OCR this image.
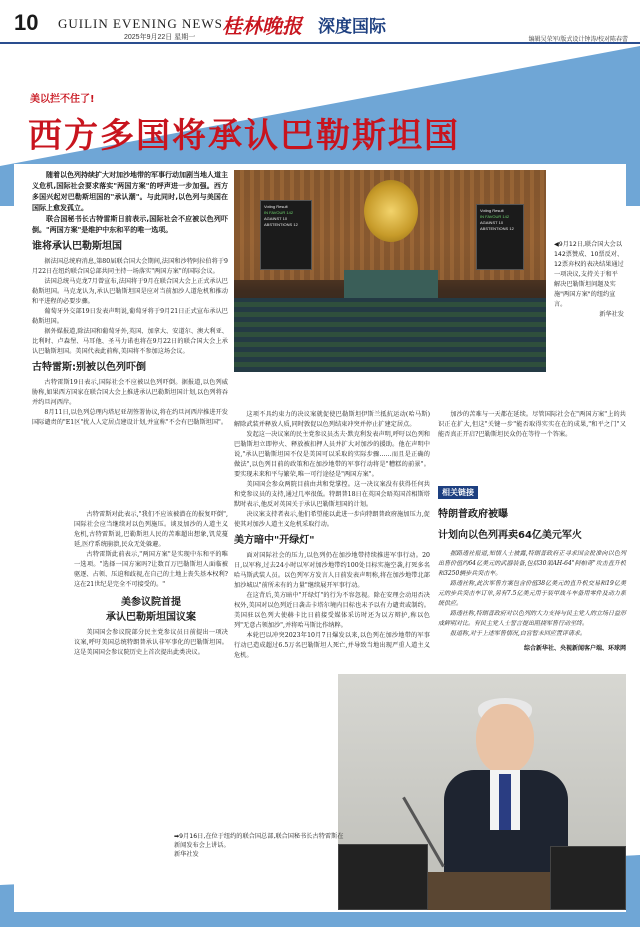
10 GUILIN EVENING NEWS
2025年9月22日 星期一 桂林晚报 深度国际
编辑吴荣军/版式设计钟涛/校对陈春蕾
美以拦不住了!
西方多国将承认巴勒斯坦国

随着以色列持续扩大对加沙地带的军事行动加剧当地人道主义危机,国际社会要求落实"两国方案"的呼声进一步加强。西方多国兴起对巴勒斯坦国的"承认潮"。与此同时,以色列与美国在国际上愈发孤立。

联合国秘书长古特雷斯日前表示,国际社会不应被以色列吓倒。"两国方案"是维护中东和平的唯一选项。

谁将承认巴勒斯坦国

据法国总统府消息,第80届联合国大会期间,法国和沙特阿拉伯将于9月22日在纽约联合国总部共同主持一场落实"两国方案"的国际会议。

法国总统马克龙7月曾宣布,法国将于9月在联合国大会上正式承认巴勒斯坦国。马克龙认为,承认巴勒斯坦国是应对当前加沙人道危机和推动和平进程的必要步骤。

葡萄牙外交部19日发表声明说,葡萄牙将于9月21日正式宣布承认巴勒斯坦国。

据外媒报道,除法国和葡萄牙外,英国、加拿大、安道尔、澳大利亚、比利时、卢森堡、马耳他、圣马力诺也将在9月22日的联合国大会上承认巴勒斯坦国。美国代表此前称,美国将不参加这场会议。

古特雷斯:别被以色列吓倒

古特雷斯19日表示,国际社会不应被以色列吓倒。据报道,以色列威胁称,如果西方国家在联合国大会上推进承认巴勒斯坦国计划,以色列将吞并约旦河西岸。

8月11日,以色列总理内塔尼亚胡签署协议,将在约旦河西岸推进开发国际谴责的"E1区"扰人人定居点建设计划,并宣称"不会有巴勒斯坦国"。

古特雷斯对此表示,"我们不应该被潜在的报复吓倒",国际社会应当继续对以色列施压。谈及加沙的人道主义危机,古特雷斯说,巴勒斯坦人民的苦难超出想象,饥荒蔓延,医疗系统崩溃,民众无处躲避。

古特雷斯此前表示,"两国方案"是实现中东和平的唯一选项。"选择一国方案吗?让数百万巴勒斯坦人面临被驱逐、占领、压迫和歧视,在自己的土地上丧失基本权利?这在21世纪是完全不可接受的。"

美参议院首提
承认巴勒斯坦国议案

美国国会参议院部分民主党参议员日前提出一项决议案,呼吁美国总统特朗普承认非军事化的巴勒斯坦国。这是美国国会参议院历史上首次提出此类决议。

Voting Result
IN FAVOUR 142
AGAINST 10
ABSTENTIONS 12
Voting Result
IN FAVOUR 142
AGAINST 10
ABSTENTIONS 12
◀9月12日,联合国大会以142票赞成、10票反对、12票弃权的表决结果通过一项决议,支持关于和平解决巴勒斯坦问题及实施"两国方案"的纽约宣言。
新华社发

这项不具约束力的决议案就促使巴勒斯坦伊斯兰抵抗运动(哈马斯)解除武装并释放人质,同时敦促以色列结束冲突并停止扩建定居点。

发起这一决议案的民主党参议员杰夫·默克利发表声明,呼吁以色列和巴勒斯坦立即停火、释放被扣押人员并扩大对加沙的援助。他在声明中说,"承认巴勒斯坦国不仅是美国可以采取的实际步骤……而且是正确的做法",以色列目前的政策和在加沙地带的军事行动将是"糟糕的前景"。要实现未来和平与繁荣,唯一可行途径是"两国方案"。

美国国会参众两院目前由共和党掌控。这一决议案没有获得任何共和党参议员的支持,通过几率很低。特朗普18日在英国会晤英国首相斯塔默时表示,他反对英国关于承认巴勒斯坦国的计划。

决议案支持者表示,他们希望能以此进一步向特朗普政府施加压力,促使其对加沙人道主义危机采取行动。

美方暗中"开绿灯"

面对国际社会的压力,以色列仍在加沙地带持续推进军事行动。20日,以军称,过去24小时以军对加沙地带约100处目标实施空袭,打死多名哈马斯武装人员。以色列军方发言人日前发表声明称,将在加沙地带北部加沙城以"前所未有的力量"继续展开军事行动。

在这背后,美方暗中"开绿灯"的行为不容忽视。除在安理会动用否决权外,美国对以色列近日袭击卡塔尔境内目标也未予以有力谴责或制约。美国驻以色列大使赫卡比日前接受媒体采访时还为以方辩护,称以色列"无意占领加沙",并将哈马斯比作纳粹。

本轮巴以冲突2023年10月7日爆发以来,以色列在加沙地带的军事行动已造成超过6.5万名巴勒斯坦人死亡,并导致当地出现严重人道主义危机。

加沙的苦难与一天都在延续。尽管国际社会在"两国方案"上的共识正在扩大,但这"关键一步"能否取得实实在在的成果,"和平之门"又能否真正开启?巴勒斯坦民众仍在等待一个答案。

相关链接
特朗普政府被曝
计划向以色列再卖64亿美元军火

据路透社报道,知情人士披露,特朗普政府正寻求国会批准向以色列出售价值约64亿美元的武器装备,包括30架AH-64"阿帕奇"攻击直升机和3250辆步兵突击车。

路透社称,此次军售方案包含价值38亿美元的直升机交易和19亿美元的步兵突击车订单,另有7.5亿美元用于装甲战斗车备用零件及动力系统供应。

路透社称,特朗普政府对以色列的大力支持与民主党人的立场日益形成鲜明对比。有民主党人士誓言提出阻挠军售行动至终。

报道称,对于上述军售情况,白宫暂未回应置评请求。

综合新华社、央视新闻客户端、环球网
➡9月16日,在位于纽约的联合国总部,联合国秘书长古特雷斯在新闻发布会上讲话。
新华社发
